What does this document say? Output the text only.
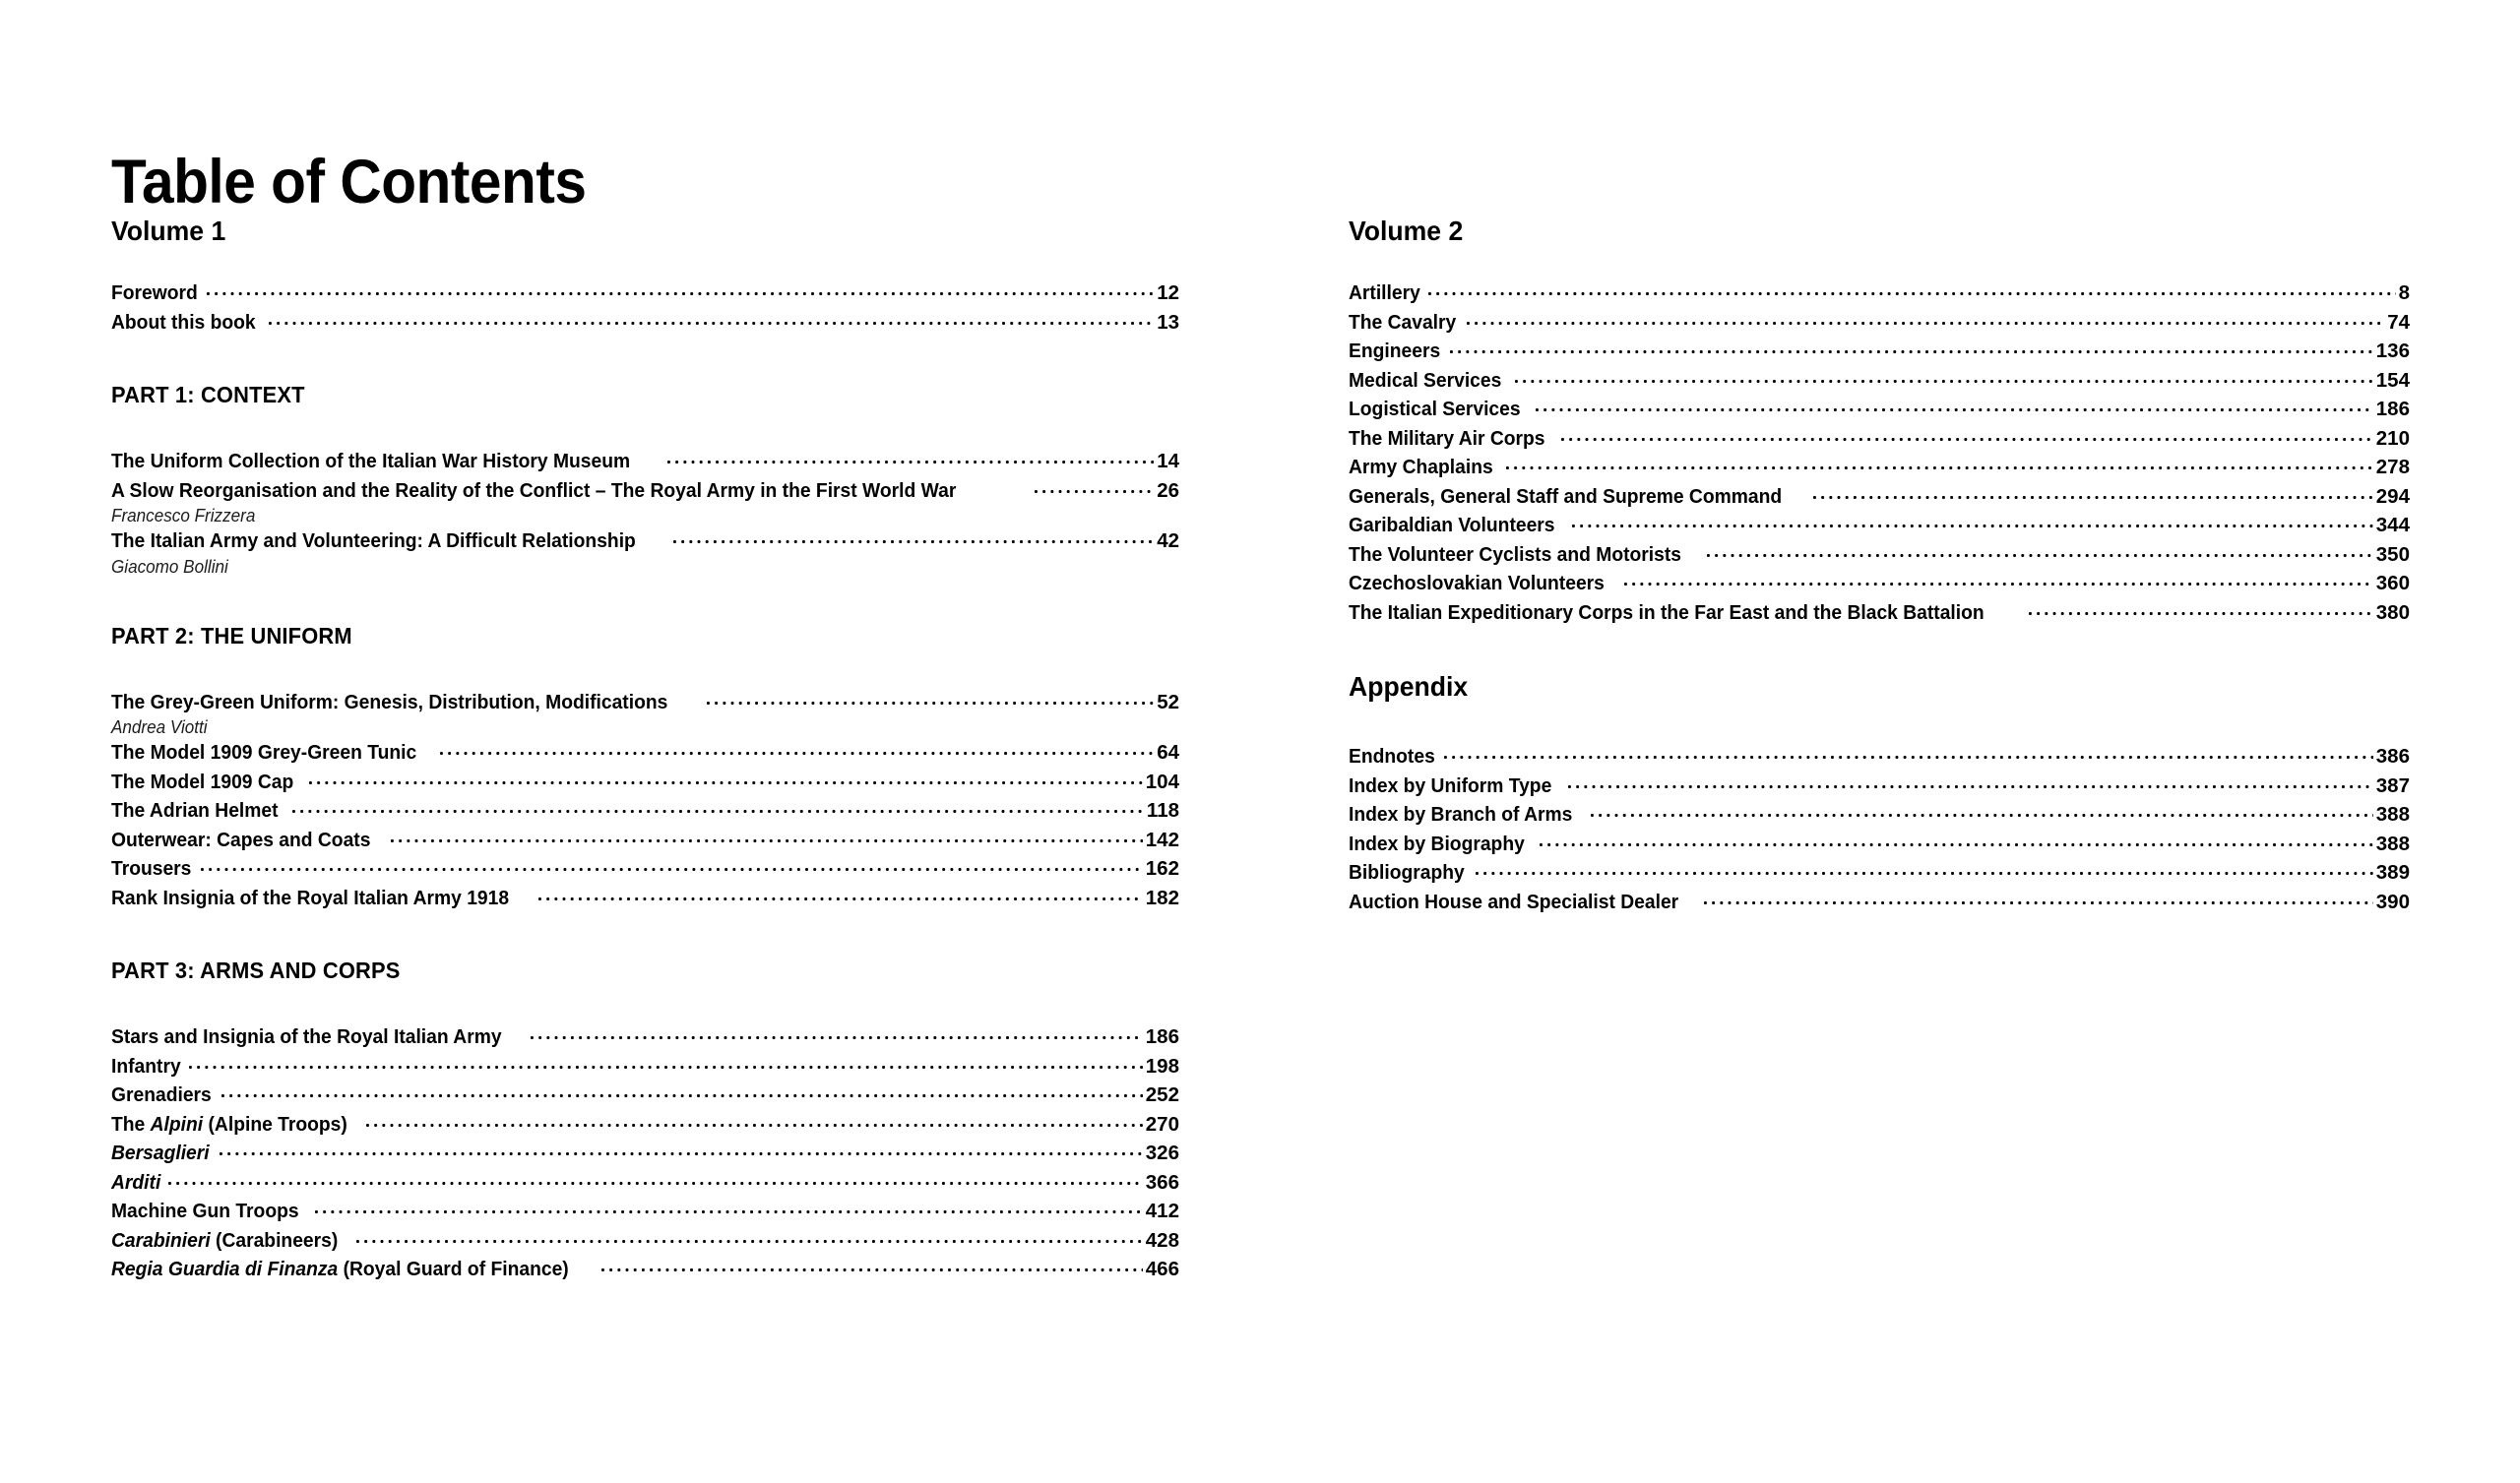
Table of Contents
Volume 1	Volume 2
Foreword	12
About this book	13
PART 1: CONTEXT
The Uniform Collection of the Italian War History Museum	14
A Slow Reorganisation and the Reality of the Conflict – The Royal Army in the First World War	26
Francesco Frizzera
The Italian Army and Volunteering: A Difficult Relationship	42
Giacomo Bollini
PART 2: THE UNIFORM
The Grey-Green Uniform: Genesis, Distribution, Modifications	52
Andrea Viotti
The Model 1909 Grey-Green Tunic	64
The Model 1909 Cap	104
The Adrian Helmet	118
Outerwear: Capes and Coats	142
Trousers	162
Rank Insignia of the Royal Italian Army 1918	182
PART 3: ARMS AND CORPS
Stars and Insignia of the Royal Italian Army	186
Infantry	198
Grenadiers	252
The Alpini (Alpine Troops)	270
Bersaglieri	326
Arditi	366
Machine Gun Troops	412
Carabinieri (Carabineers)	428
Regia Guardia di Finanza (Royal Guard of Finance)	466
Artillery	8
The Cavalry	74
Engineers	136
Medical Services	154
Logistical Services	186
The Military Air Corps	210
Army Chaplains	278
Generals, General Staff and Supreme Command	294
Garibaldian Volunteers	344
The Volunteer Cyclists and Motorists	350
Czechoslovakian Volunteers	360
The Italian Expeditionary Corps in the Far East and the Black Battalion	380
Appendix
Endnotes	386
Index by Uniform Type	387
Index by Branch of Arms	388
Index by Biography	388
Bibliography	389
Auction House and Specialist Dealer	390
